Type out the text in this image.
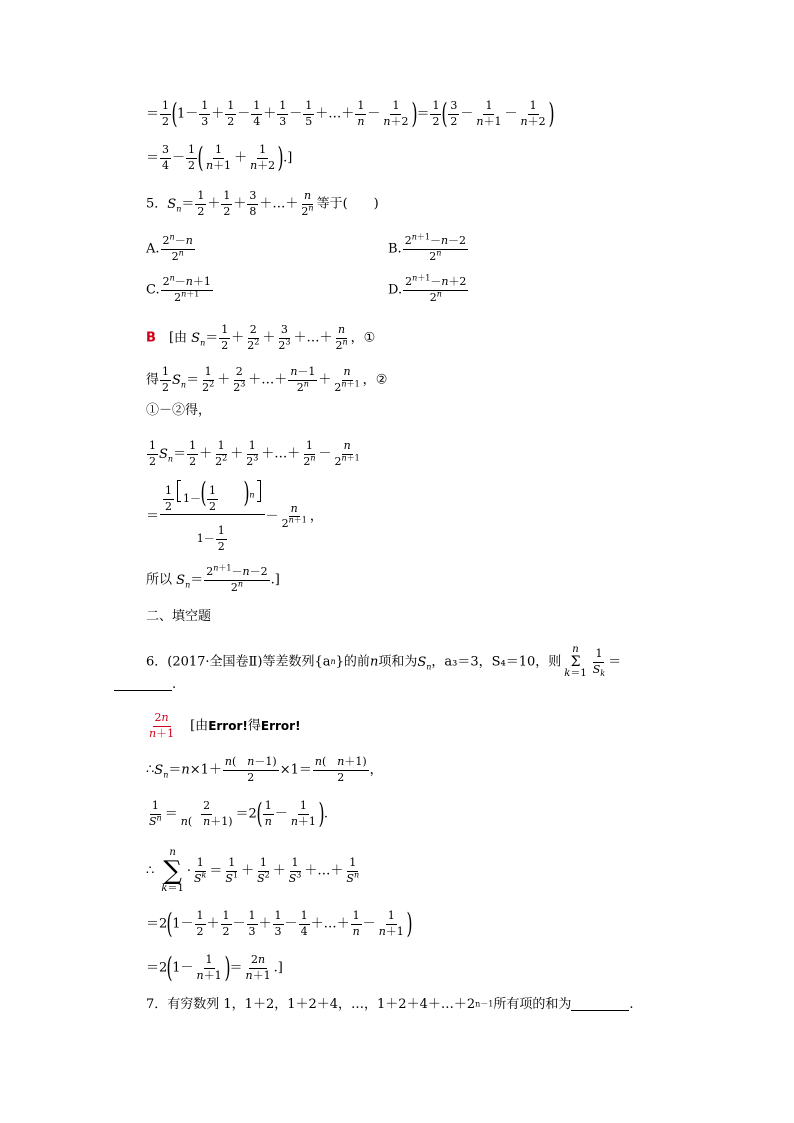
＝ $\frac{1}{2} (1- \frac{1}{3} + \frac{1}{2} - \frac{1}{4} + \frac{1}{3} - \frac{1}{5}$ ＋…＋ $\frac{1}{n} - \frac{1}{n+2}$ )＝ $\frac{1}{2}$ ( $\frac{3}{2} - \frac{1}{n+1} - \frac{1}{n+2}$ )
＝ $\frac{3}{4} - \frac{1}{2}$ ( $\frac{1}{n+1} + \frac{1}{n+2}$ ).]
5．$S_n= \frac{1}{2} + \frac{1}{2} + \frac{3}{8}$ ＋…＋ $\frac{n}{2^n}$ 等于(　　)
A. $\frac{2^n-n}{2^n}$	B. $\frac{2^{n+1}-n-2}{2^n}$
C. $\frac{2^n-n+1}{2^{n+1}}$	D. $\frac{2^{n+1}-n+2}{2^n}$
B　 [由 $S_n= \frac{1}{2} + \frac{2}{2^2} + \frac{3}{2^3}$ ＋…＋ $\frac{n}{2^n}$ ，①
得 $\frac{1}{2} S_n= \frac{1}{2^2} + \frac{2}{2^3}$ ＋…＋ $\frac{n-1}{2^n} + \frac{n}{2^{n+1}}$ ，②
①－②得，
$\frac{1}{2} S_n= \frac{1}{2} + \frac{1}{2^2} + \frac{1}{2^3}$ ＋…＋ $\frac{1}{2^n} - \frac{n}{2^{n+1}}$
＝ $\frac{1}{2} 1-( \frac{1}{2}$
　　 )$^n$
$1- \frac{1}{2} - \frac{n}{2^{n+1}}$ ，
所以 $S_n= \frac{2^{n+1}-n-2}{2^n}$ .]
二、填空题
6．(2017·全国卷Ⅱ)等差数列{an}的前n项和为$S_n$，a₃＝3，S₄＝10，则
n
Σ
$k=1 \frac{1}{S_k}$ ＝
.
$\frac{2n}{n+1}$
　 [由Error!得Error!
$\therefore S_n=n\times 1+ \frac{n( n-1)}{2} \times 1= \frac{n( n+1)}{2}$ ，
$\frac{1}{S^n} = \frac{2}{n( n+1)} =2( \frac{1}{n} - \frac{1}{n+1}$ ).
∴
n
∑
k＝1
· $\frac{1}{S^k} = \frac{1}{S^1} + \frac{1}{S^2} + \frac{1}{S^3}$ ＋…＋ $\frac{1}{S^n}$
$=2(1- \frac{1}{2} + \frac{1}{2} - \frac{1}{3} + \frac{1}{3} - \frac{1}{4}$ ＋…＋ $\frac{1}{n} - \frac{1}{n+1}$ )
$=2(1- \frac{1}{n+1}$ )＝ $\frac{2n}{n+1}$ .]
7．有穷数列 1，1＋2，1＋2＋4，…，1＋2＋4＋…＋2n－1所有项的和为	.
